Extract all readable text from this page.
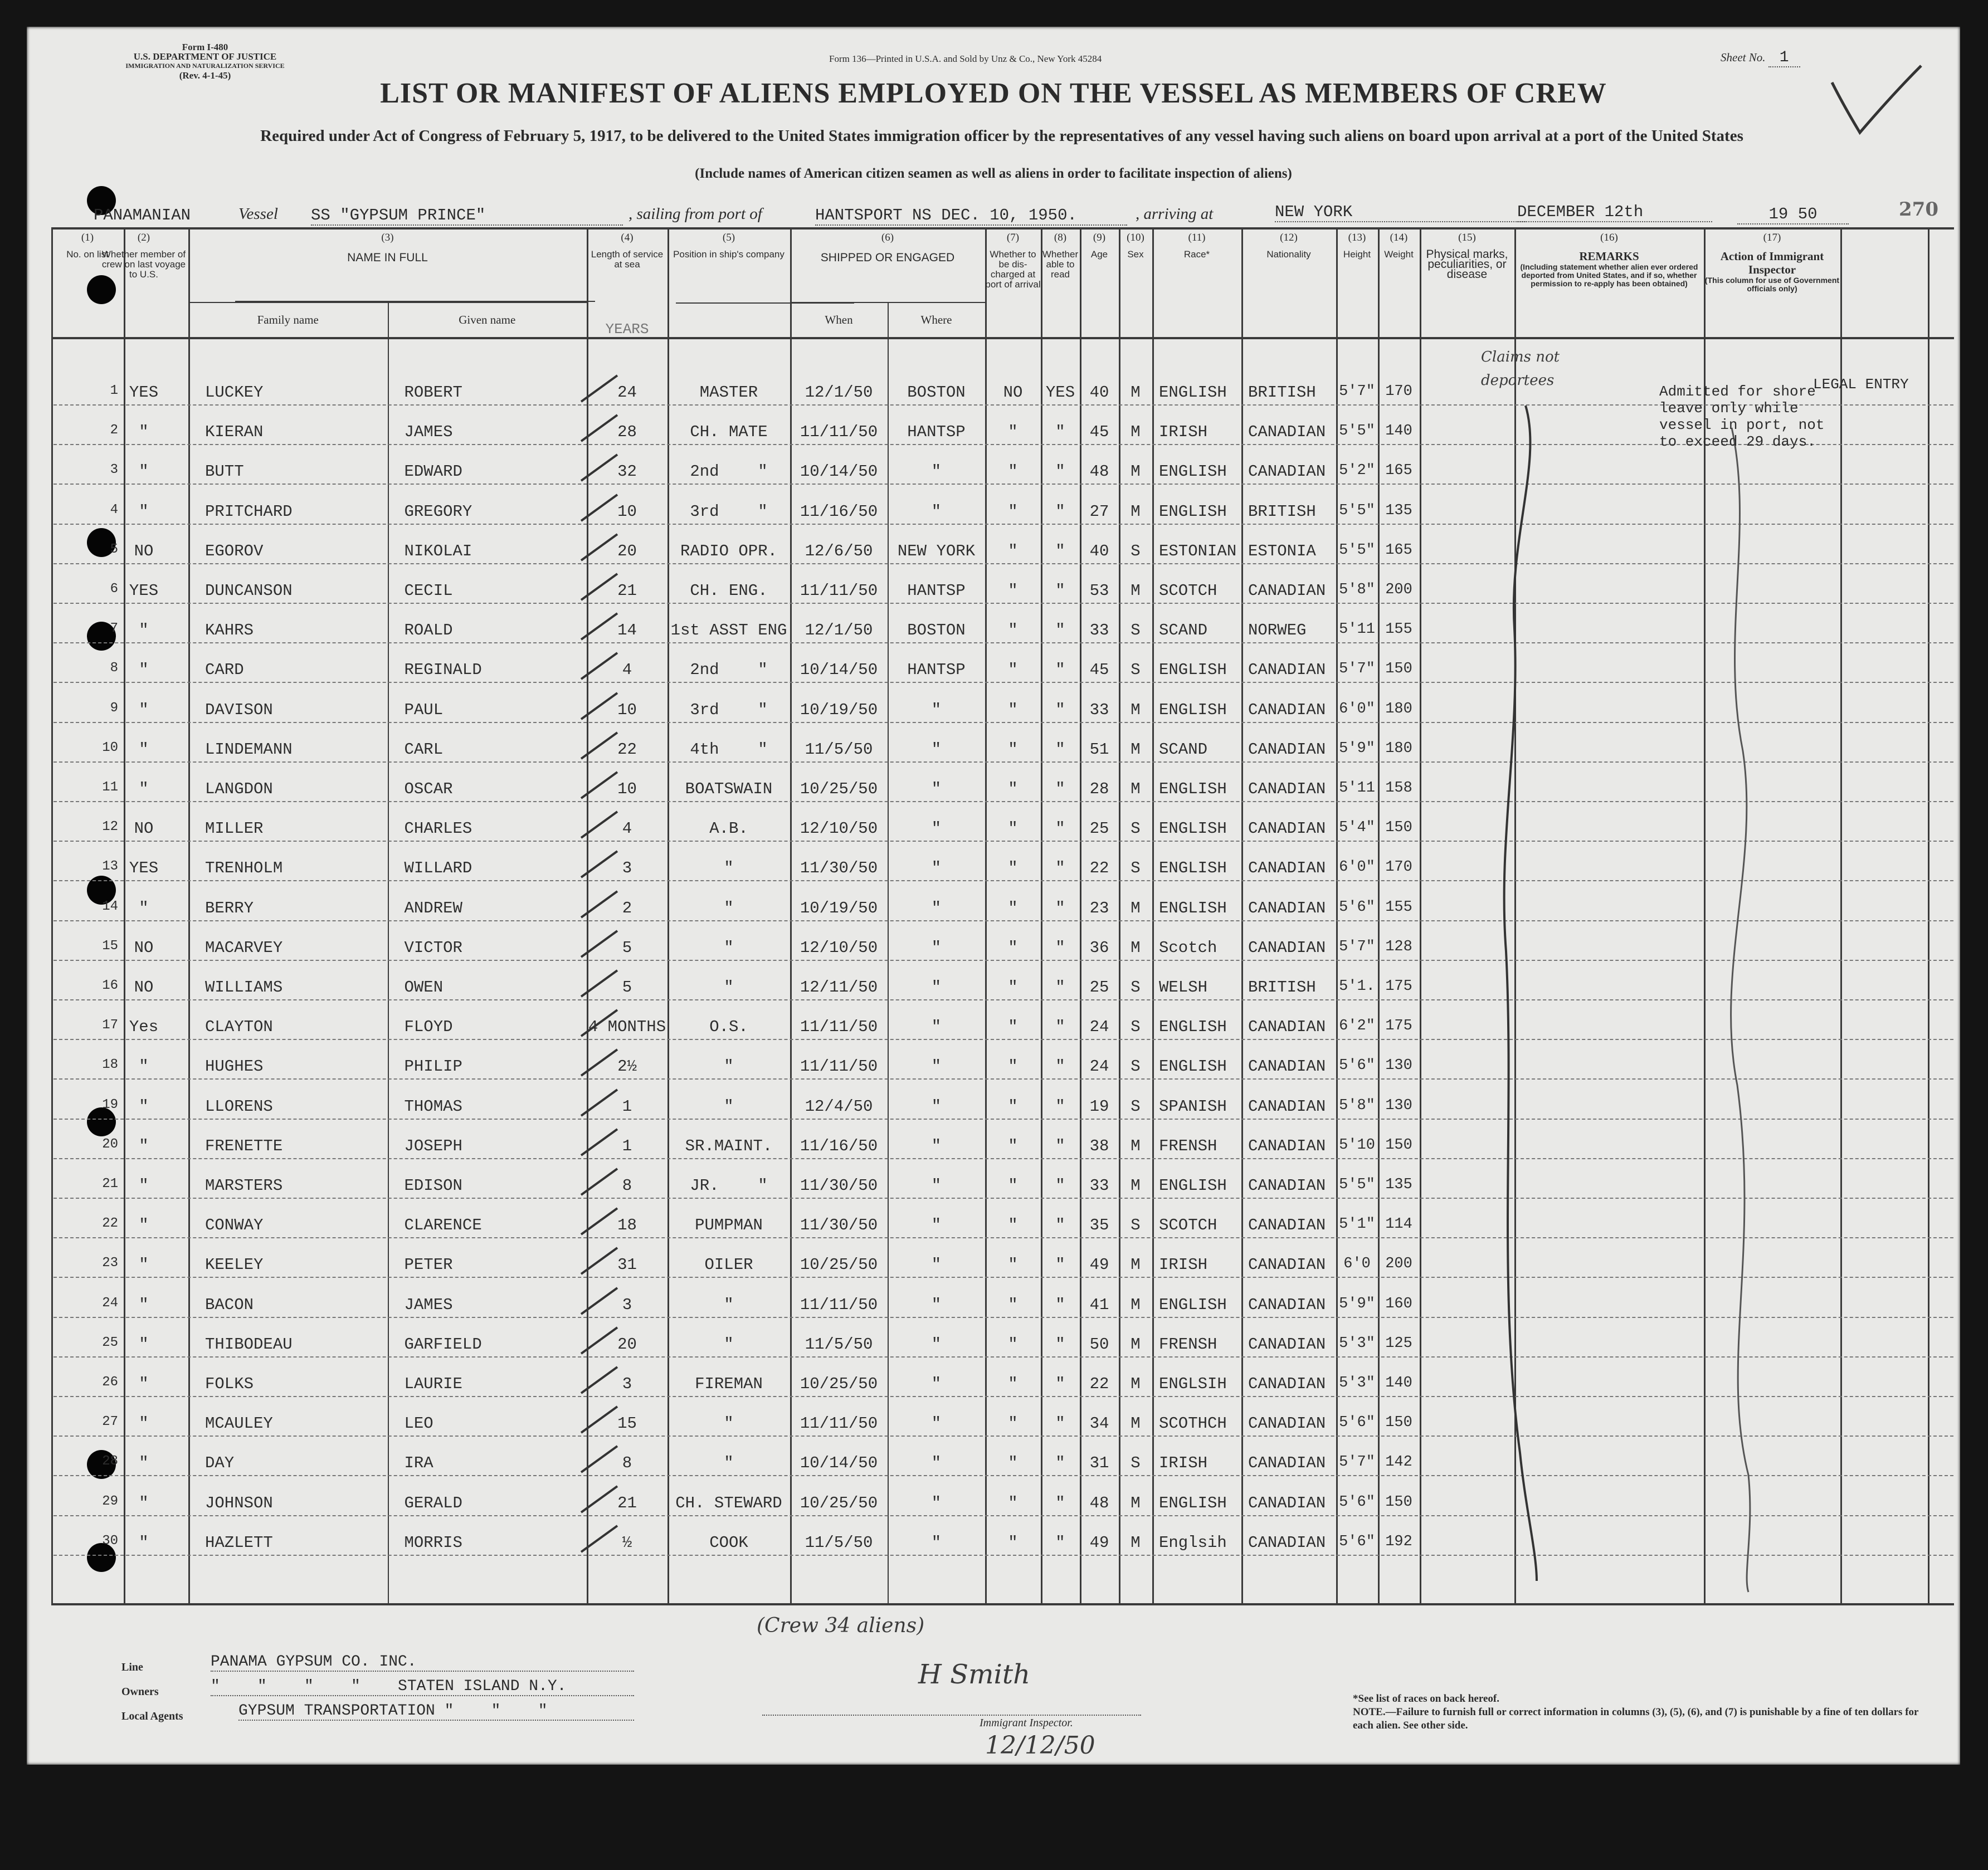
Form I-480
U.S. DEPARTMENT OF JUSTICE
IMMIGRATION AND NATURALIZATION SERVICE
(Rev. 4-1-45)
Form 136—Printed in U.S.A. and Sold by Unz & Co., New York 45284	Sheet No. 1
LIST OR MANIFEST OF ALIENS EMPLOYED ON THE VESSEL AS MEMBERS OF CREW
Required under Act of Congress of February 5, 1917, to be delivered to the United States immigration officer by the representatives of any vessel having such aliens on board upon arrival at a port of the United States
(Include names of American citizen seamen as well as aliens in order to facilitate inspection of aliens)
PANAMANIAN	Vessel SS "GYPSUM PRINCE"	, sailing from port of	HANTSPORT NS DEC. 10, 1950.	, arriving at	NEW YORK	DECEMBER 12th	19 50	270
(1)
No. on list
(2)
Whether member of crew on last voyage to U.S.
(3)
NAME IN FULL
Family name	Given name
(4)
Length of service at sea
YEARS
(5)
Position in ship's company
(6)
SHIPPED OR ENGAGED
When	Where
(7)
Whether to be dis-charged at port of arrival
(8)
Whether able to read
(9)
Age
(10)
Sex
(11)
Race*
(12)
Nationality
(13)
Height
(14)
Weight
(15)
Physical marks, peculiarities, or disease
(16)
REMARKS
(Including statement whether alien ever ordered deported from United States, and if so, whether permission to re-apply has been obtained)
(17)
Action of Immigrant Inspector
(This column for use of Government officials only)
1 YES	LUCKEY	ROBERT	24	MASTER	12/1/50	BOSTON	NO	YES 40	M	ENGLISH	BRITISH	5'7" 170
2	"	KIERAN	JAMES	28	CH. MATE	11/11/50	HANTSP	"	"	45	M	IRISH	CANADIAN 5'5" 140
3	"	BUTT	EDWARD	32	2nd    "	10/14/50	"	"	"	48	M	ENGLISH	CANADIAN 5'2" 165
4	"	PRITCHARD	GREGORY	10	3rd    "	11/16/50	"	"	"	27	M	ENGLISH	BRITISH	5'5" 135
5 NO	EGOROV	NIKOLAI	20	RADIO OPR.	12/6/50	NEW YORK	"	"	40	S	ESTONIAN ESTONIA	5'5" 165
6 YES	DUNCANSON	CECIL	21	CH. ENG.	11/11/50	HANTSP	"	"	53	M	SCOTCH	CANADIAN 5'8" 200
7	"	KAHRS	ROALD	14	1st ASST ENG	12/1/50	BOSTON	"	"	33	S	SCAND	NORWEG	5'11 155
8	"	CARD	REGINALD	4	2nd    "	10/14/50	HANTSP	"	"	45	S	ENGLISH	CANADIAN 5'7" 150
9	"	DAVISON	PAUL	10	3rd    "	10/19/50	"	"	"	33	M	ENGLISH	CANADIAN 6'0" 180
10	"	LINDEMANN	CARL	22	4th    "	11/5/50	"	"	"	51	M	SCAND	CANADIAN 5'9" 180
11	"	LANGDON	OSCAR	10	BOATSWAIN	10/25/50	"	"	"	28	M	ENGLISH	CANADIAN 5'11 158
12 NO	MILLER	CHARLES	4	A.B.	12/10/50	"	"	"	25	S	ENGLISH	CANADIAN 5'4" 150
13 YES	TRENHOLM	WILLARD	3	"	11/30/50	"	"	"	22	S	ENGLISH	CANADIAN 6'0" 170
14	"	BERRY	ANDREW	2	"	10/19/50	"	"	"	23	M	ENGLISH	CANADIAN 5'6" 155
15 NO	MACARVEY	VICTOR	5	"	12/10/50	"	"	"	36	M	Scotch	CANADIAN 5'7" 128
16 NO	WILLIAMS	OWEN	5	"	12/11/50	"	"	"	25	S	WELSH	BRITISH	5'1. 175
17 Yes	CLAYTON	FLOYD	4 MONTHS	O.S.	11/11/50	"	"	"	24	S	ENGLISH	CANADIAN 6'2" 175
18	"	HUGHES	PHILIP	2½	"	11/11/50	"	"	"	24	S	ENGLISH	CANADIAN 5'6" 130
19	"	LLORENS	THOMAS	1	"	12/4/50	"	"	"	19	S	SPANISH	CANADIAN 5'8" 130
20	"	FRENETTE	JOSEPH	1	SR.MAINT.	11/16/50	"	"	"	38	M	FRENSH	CANADIAN 5'10 150
21	"	MARSTERS	EDISON	8	JR.    "	11/30/50	"	"	"	33	M	ENGLISH	CANADIAN 5'5" 135
22	"	CONWAY	CLARENCE	18	PUMPMAN	11/30/50	"	"	"	35	S	SCOTCH	CANADIAN 5'1" 114
23	"	KEELEY	PETER	31	OILER	10/25/50	"	"	"	49	M	IRISH	CANADIAN	6'0 200
24	"	BACON	JAMES	3	"	11/11/50	"	"	"	41	M	ENGLISH	CANADIAN 5'9" 160
25	"	THIBODEAU	GARFIELD	20	"	11/5/50	"	"	"	50	M	FRENSH	CANADIAN 5'3" 125
26	"	FOLKS	LAURIE	3	FIREMAN	10/25/50	"	"	"	22	M	ENGLSIH	CANADIAN 5'3" 140
27	"	MCAULEY	LEO	15	"	11/11/50	"	"	"	34	M	SCOTHCH	CANADIAN 5'6" 150
28	"	DAY	IRA	8	"	10/14/50	"	"	"	31	S	IRISH	CANADIAN 5'7" 142
29	"	JOHNSON	GERALD	21	CH. STEWARD	10/25/50	"	"	"	48	M	ENGLISH	CANADIAN 5'6" 150
30	"	HAZLETT	MORRIS	½	COOK	11/5/50	"	"	"	49	M	Englsih	CANADIAN 5'6" 192
Claims not deportees
Admitted for shore leave only while vessel in port, not to exceed 29 days.
LEGAL ENTRY
(Crew 34 aliens)
Line	PANAMA GYPSUM CO. INC.
Owners	"    "    "    "    STATEN ISLAND N.Y.
Local Agents	GYPSUM TRANSPORTATION "    "    "
H Smith
Immigrant Inspector.
12/12/50
*See list of races on back hereof.
NOTE.—Failure to furnish full or correct information in columns (3), (5), (6), and (7) is punishable by a fine of ten dollars for each alien. See other side.
